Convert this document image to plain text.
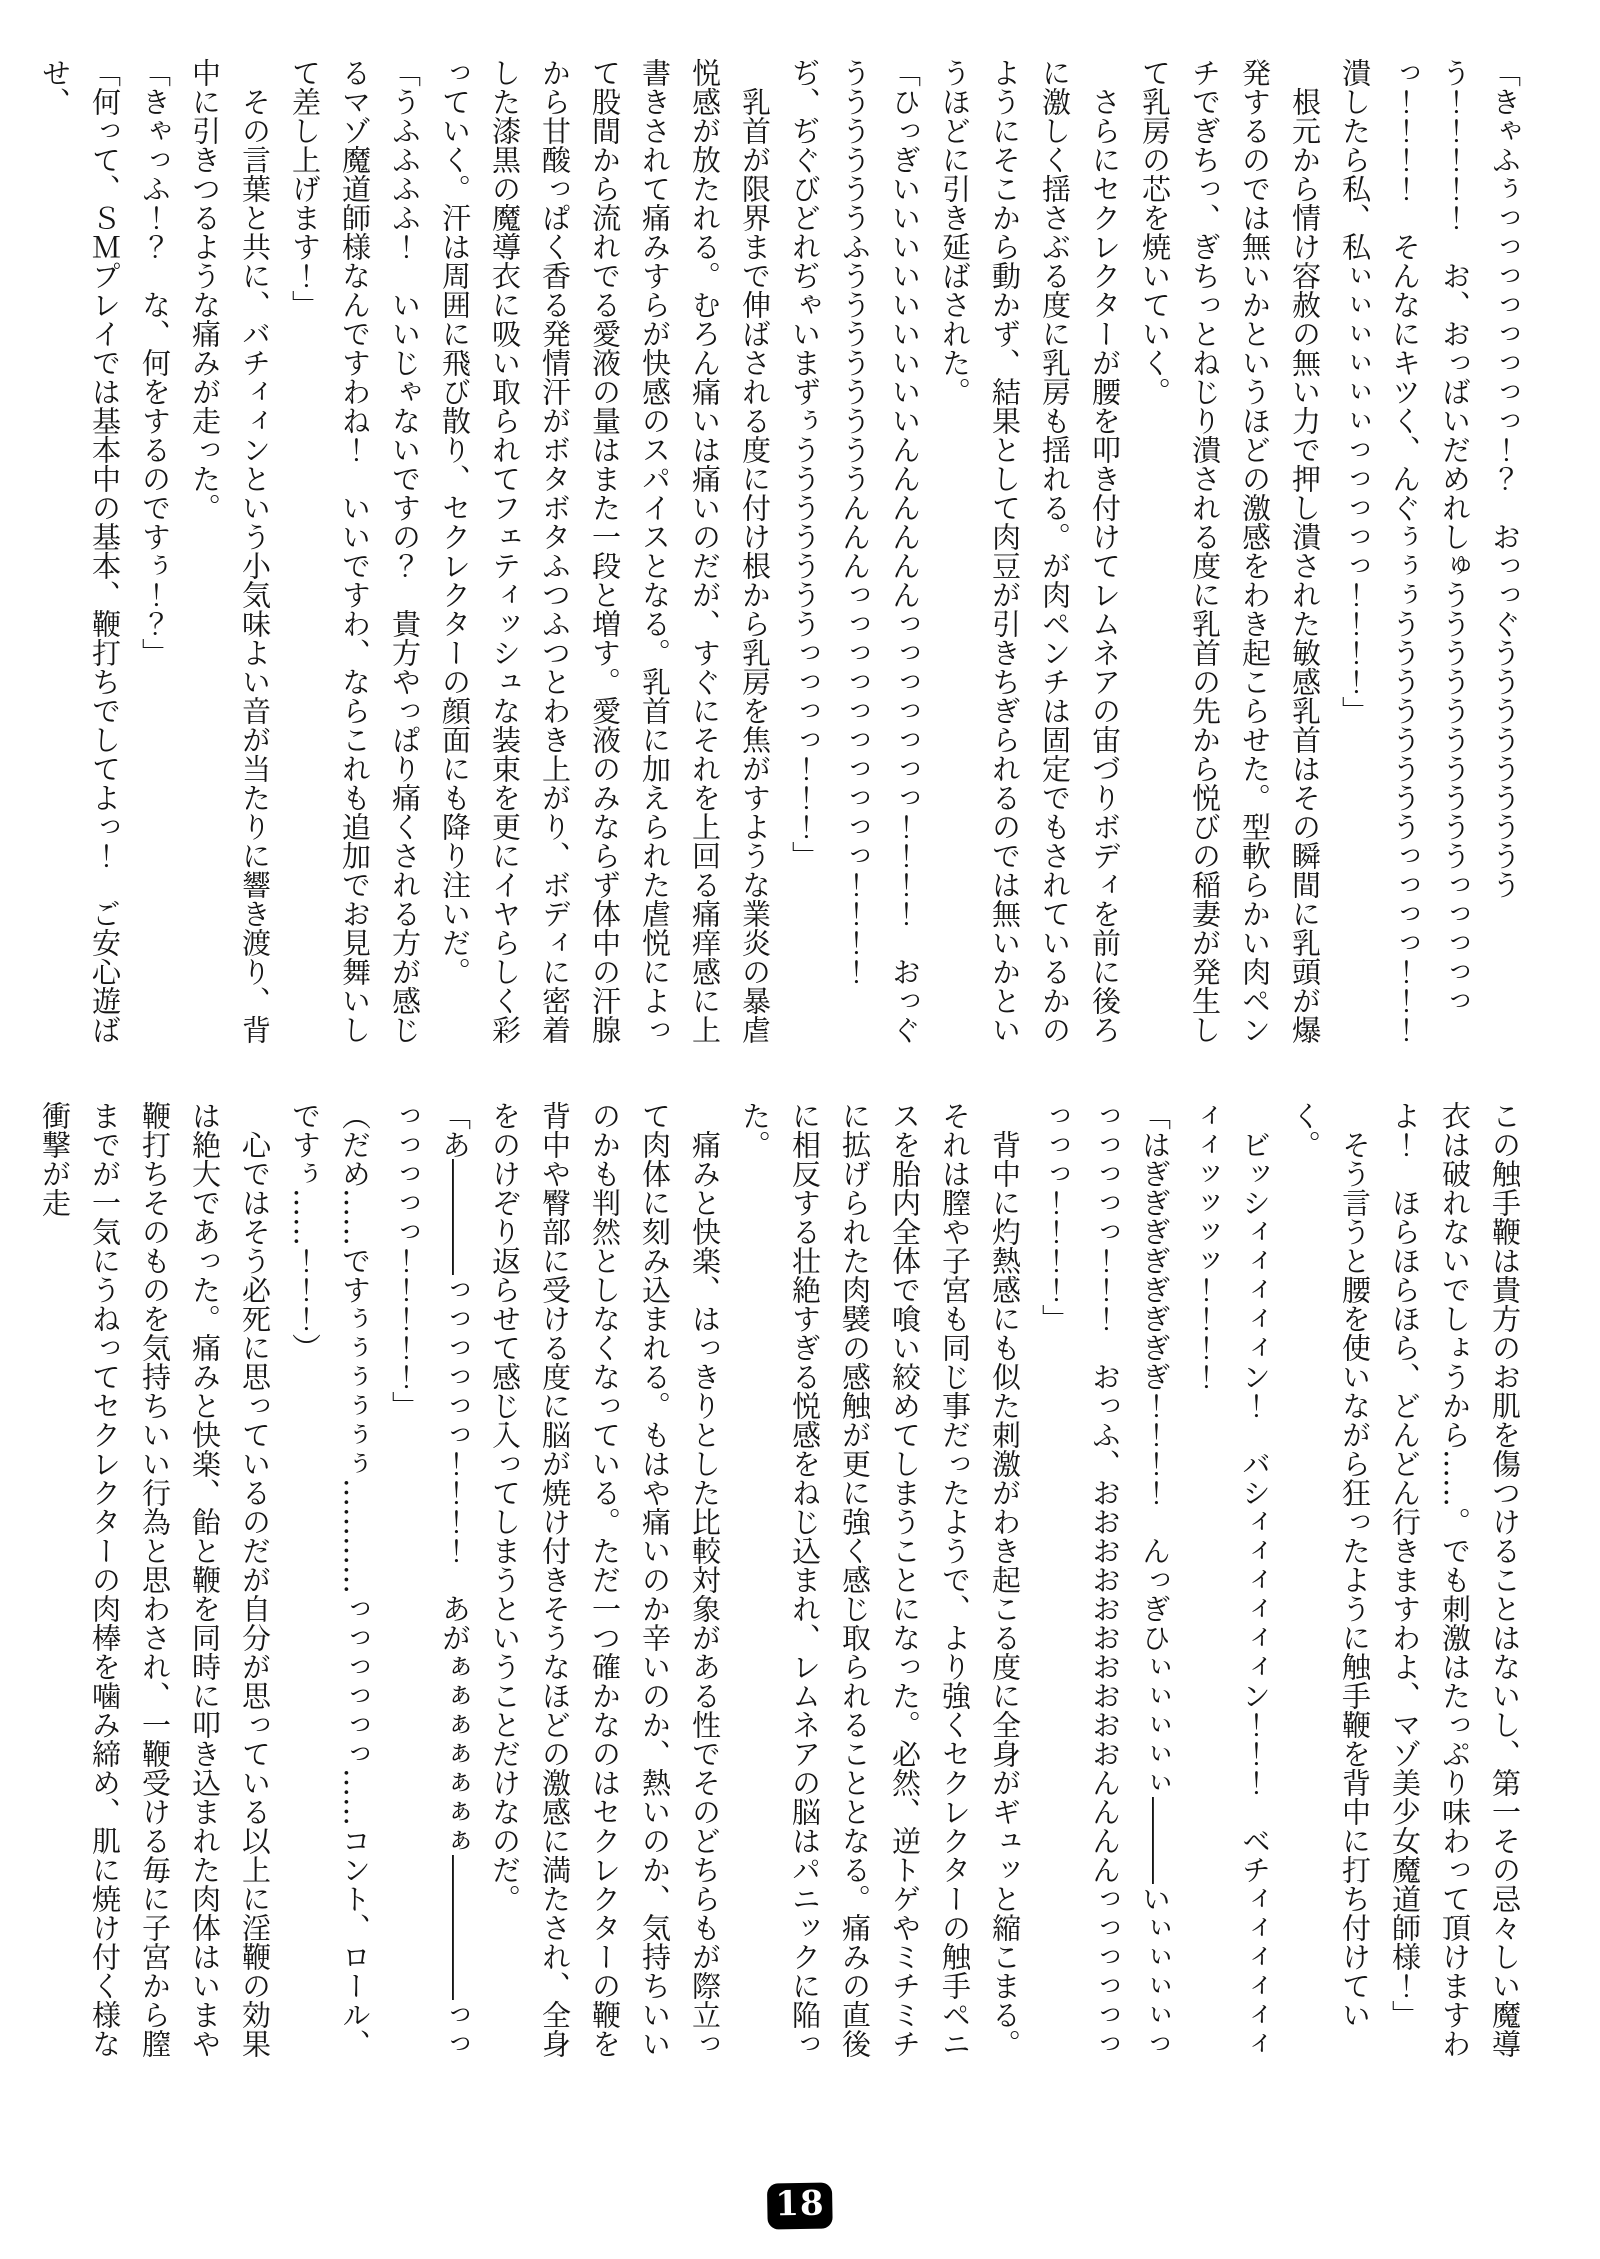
「きゃふぅっっっっっっっっ！？　おっっぐうううううううううう！！！！！　お、おっばいだめれしゅううううううううううっっっっっっ！！！！　そんなにキツく、んぐぅぅぅううううううううっっっっ！！！　潰したら私、私ぃぃぃぃぃぃっっっっっ！！！！」

根元から情け容赦の無い力で押し潰された敏感乳首はその瞬間に乳頭が爆発するのでは無いかというほどの激感をわき起こらせた。型軟らかい肉ペンチでぎちっ、ぎちっとねじり潰される度に乳首の先から悦びの稲妻が発生して乳房の芯を焼いていく。

さらにセクレクターが腰を叩き付けてレムネアの宙づりボディを前に後ろに激しく揺さぶる度に乳房も揺れる。が肉ペンチは固定でもされているかのようにそこから動かず、結果として肉豆が引きちぎられるのでは無いかというほどに引き延ばされた。

「ひっぎいいいいいいいいいんんんんんんっっっっっっっ！！！！　おっぐううううううふううううううううんんんっっっっっっっっっっ！！！！　ぢ、ぢぐびどれぢゃいまずぅうううううううっっっっ！！！」

乳首が限界まで伸ばされる度に付け根から乳房を焦がすような業炎の暴虐悦感が放たれる。むろん痛いは痛いのだが、すぐにそれを上回る痛痒感に上書きされて痛みすらが快感のスパイスとなる。乳首に加えられた虐悦によって股間から流れでる愛液の量はまた一段と増す。愛液のみならず体中の汗腺から甘酸っぱく香る発情汗がボタボタふつふつとわき上がり、ボディに密着した漆黒の魔導衣に吸い取られてフェティッシュな装束を更にイヤらしく彩っていく。汗は周囲に飛び散り、セクレクターの顔面にも降り注いだ。

「うふふふふ！　いいじゃないですの？　貴方やっぱり痛くされる方が感じるマゾ魔道師様なんですわね！　いいですわ、ならこれも追加でお見舞いして差し上げます！」

その言葉と共に、バチィィンという小気味よい音が当たりに響き渡り、背中に引きつるような痛みが走った。

「きゃっふ！？　な、何をするのですぅ！？」

「何って、ＳＭプレイでは基本中の基本、鞭打ちでしてよっ！　ご安心遊ばせ、

この触手鞭は貴方のお肌を傷つけることはないし、第一その忌々しい魔導衣は破れないでしょうから……。でも刺激はたっぷり味わって頂けますわよ！　ほらほらほら、どんどん行きますわよ、マゾ美少女魔道師様！」

そう言うと腰を使いながら狂ったように触手鞭を背中に打ち付けていく。

ビッシィィィィィン！　バシィィィィィィン！！！　ベチィィィィィィィィッッッッ！！！！

「はぎぎぎぎぎぎぎぎ！！！！　んっぎひぃぃぃぃぃ―――いぃぃぃぃっっっっっっ！！！　おっふ、おおおおおおおおおおんんんんっっっっっっっっっ！！！！」

背中に灼熱感にも似た刺激がわき起こる度に全身がギュッと縮こまる。それは膣や子宮も同じ事だったようで、より強くセクレクターの触手ペニスを胎内全体で喰い絞めてしまうことになった。必然、逆トゲやミチミチに拡げられた肉襞の感触が更に強く感じ取られることとなる。痛みの直後に相反する壮絶すぎる悦感をねじ込まれ、レムネアの脳はパニックに陥った。

痛みと快楽、はっきりとした比較対象がある性でそのどちらもが際立って肉体に刻み込まれる。もはや痛いのか辛いのか、熱いのか、気持ちいいのかも判然としなくなっている。ただ一つ確かなのはセクレクターの鞭を背中や臀部に受ける度に脳が焼け付きそうなほどの激感に満たされ、全身をのけぞり返らせて感じ入ってしまうということだけなのだ。

「あ――――っっっっっっ！！！！　あがぁぁぁぁぁぁぁ―――――っっっっっっっ！！！！！」

（だめ……ですぅぅぅぅぅぅ…………っっっっっっ……コント、ロール、ですぅ……！！！）

心ではそう必死に思っているのだが自分が思っている以上に淫鞭の効果は絶大であった。痛みと快楽、飴と鞭を同時に叩き込まれた肉体はいまや鞭打ちそのものを気持ちいい行為と思わされ、一鞭受ける毎に子宮から膣までが一気にうねってセクレクターの肉棒を噛み締め、肌に焼け付く様な衝撃が走

18
